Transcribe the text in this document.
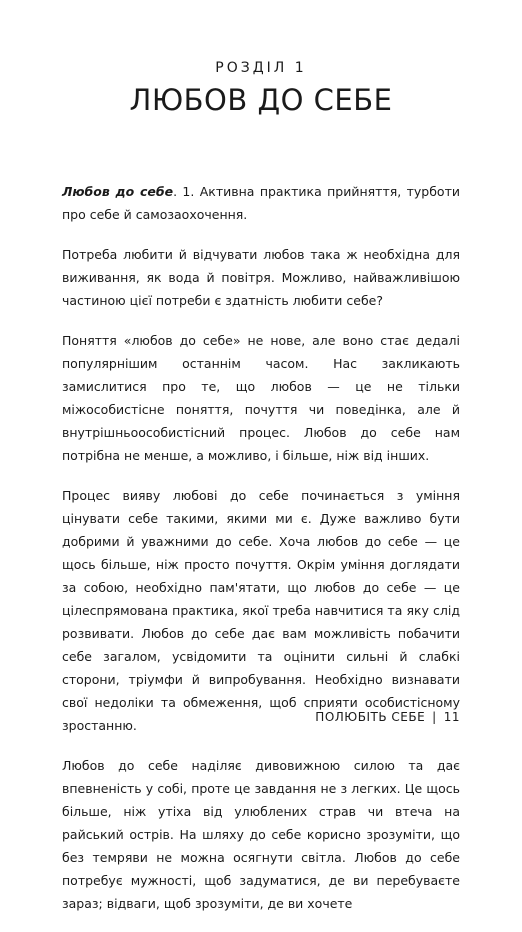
РОЗДІЛ 1
ЛЮБОВ ДО СЕБЕ

Любов до себе. 1. Активна практика прийняття, турботи про себе й самозаохочення.

Потреба любити й відчувати любов така ж необхідна для виживання, як вода й повітря. Можливо, найважливішою частиною цієї потреби є здатність любити себе?

Поняття «любов до себе» не нове, але воно стає дедалі популярнішим останнім часом. Нас закликають замислитися про те, що любов — це не тільки міжособистісне поняття, почуття чи поведінка, але й внутрішньоособистісний процес. Любов до себе нам потрібна не менше, а можливо, і більше, ніж від інших.

Процес вияву любові до себе починається з уміння цінувати себе такими, якими ми є. Дуже важливо бути добрими й уважними до себе. Хоча любов до себе — це щось більше, ніж просто почуття. Окрім уміння доглядати за собою, необхідно пам'ятати, що любов до себе — це цілеспрямована практика, якої треба навчитися та яку слід розвивати. Любов до себе дає вам можливість побачити себе загалом, усвідомити та оцінити сильні й слабкі сторони, тріумфи й випробування. Необхідно визнавати свої недоліки та обмеження, щоб сприяти особистісному зростанню.

Любов до себе наділяє дивовижною силою та дає впевненість у собі, проте це завдання не з легких. Це щось більше, ніж утіха від улюблених страв чи втеча на райський острів. На шляху до себе корисно зрозуміти, що без темряви не можна осягнути світла. Любов до себе потребує мужності, щоб задуматися, де ви перебуваєте зараз; відваги, щоб зрозуміти, де ви хочете

ПОЛЮБІТЬ СЕБЕ | 11
